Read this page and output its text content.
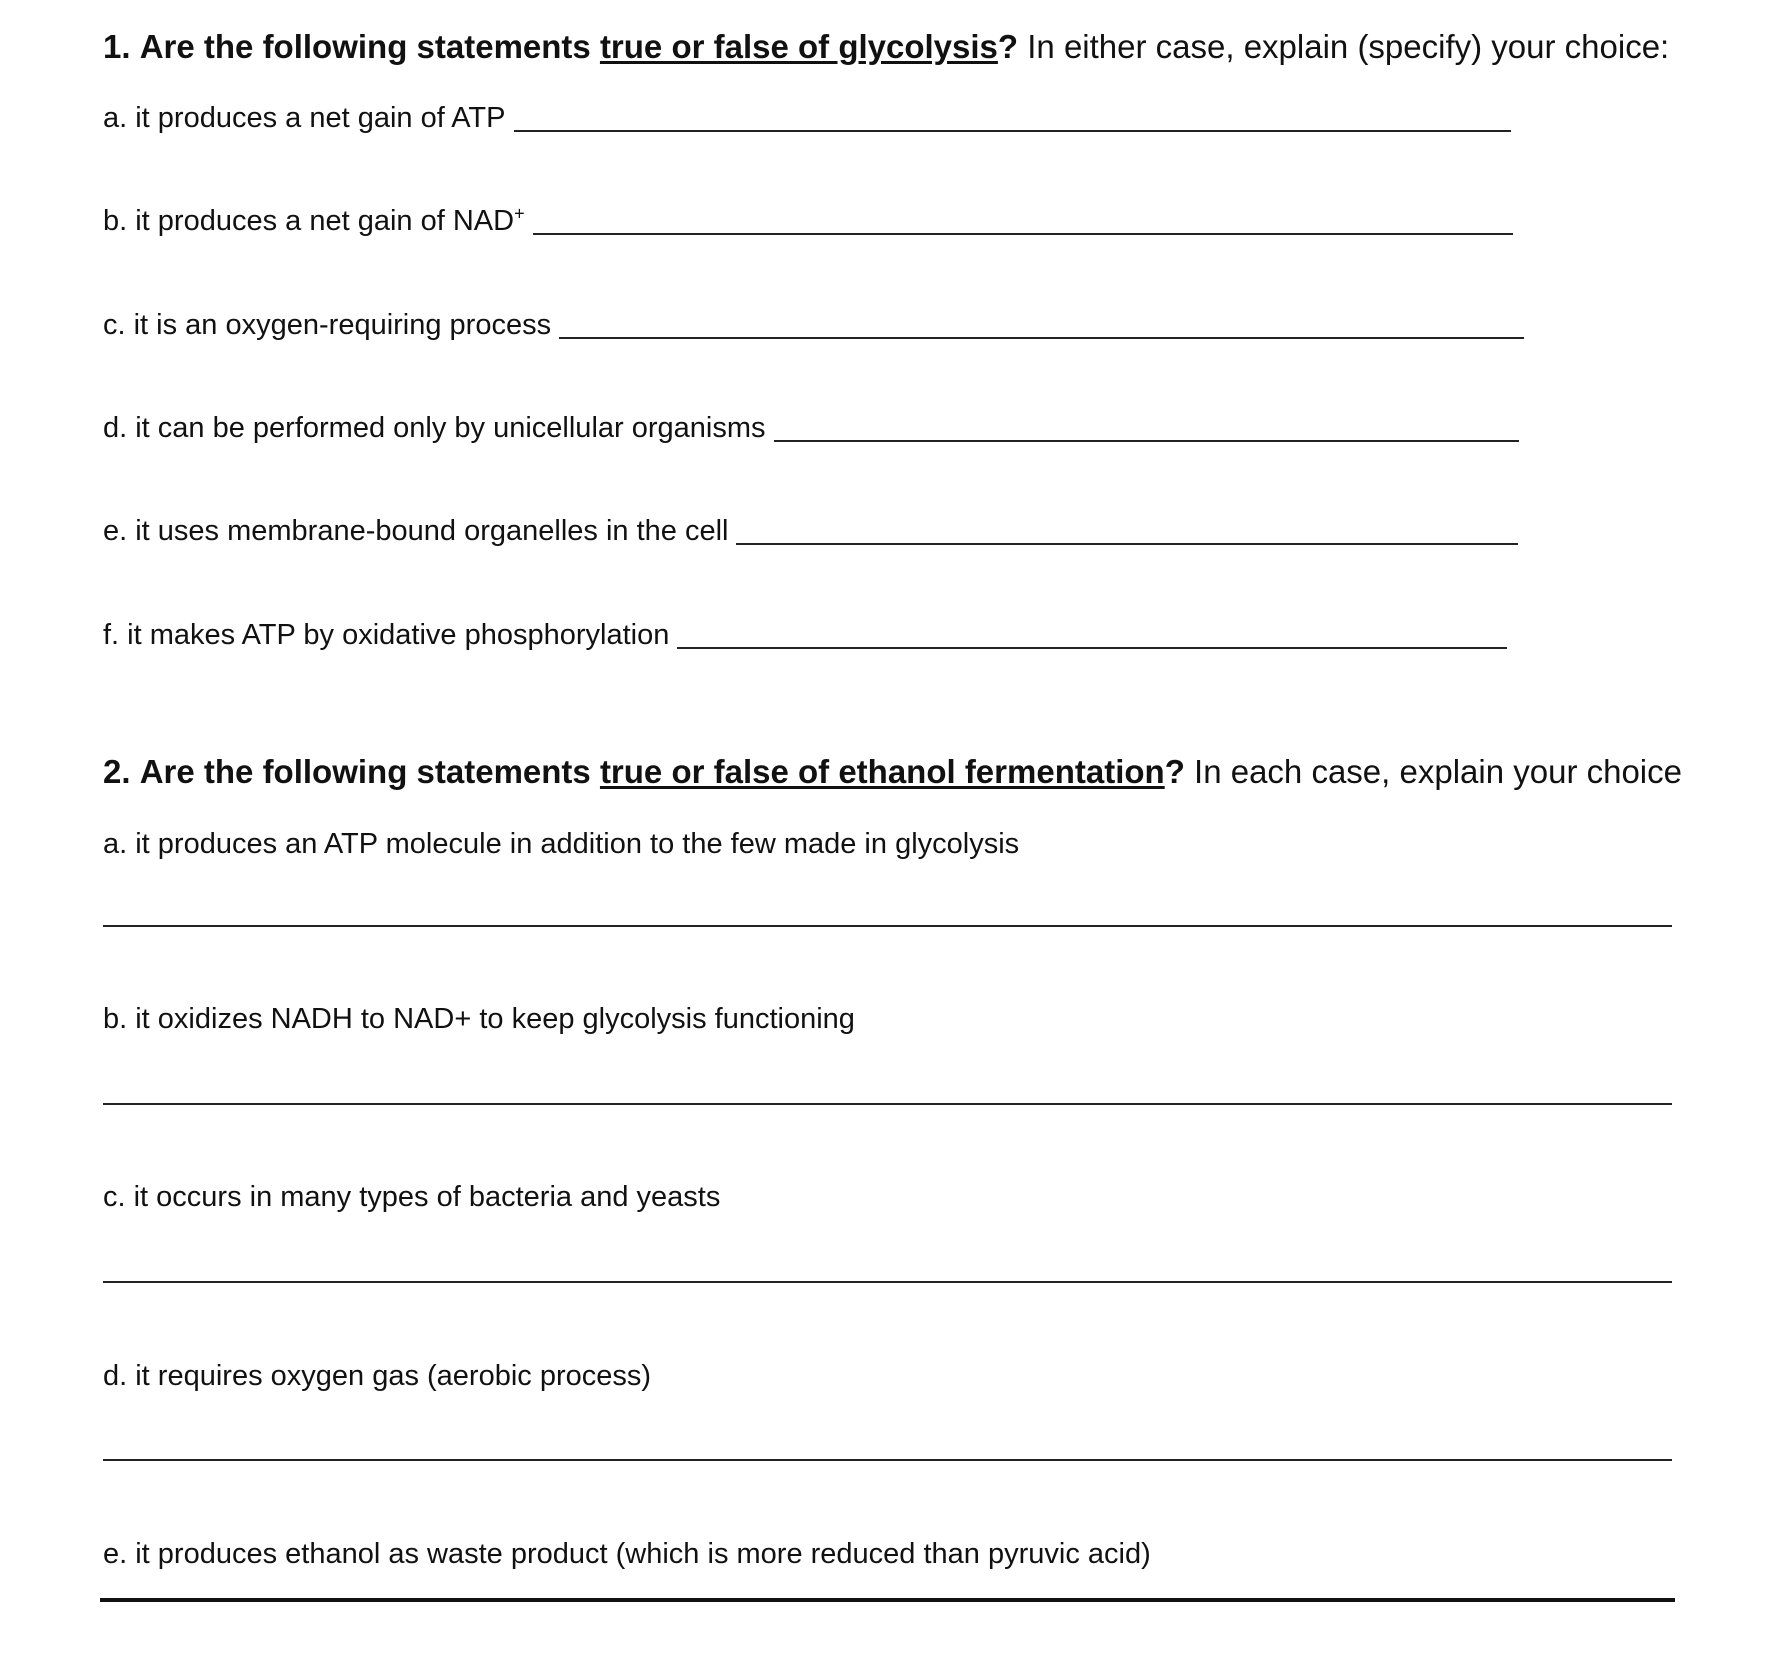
1. Are the following statements true or false of glycolysis? In either case, explain (specify) your choice:
a. it produces a net gain of ATP
b. it produces a net gain of NAD+
c. it is an oxygen-requiring process
d. it can be performed only by unicellular organisms
e. it uses membrane-bound organelles in the cell
f. it makes ATP by oxidative phosphorylation
2. Are the following statements true or false of ethanol fermentation? In each case, explain your choice
a. it produces an ATP molecule in addition to the few made in glycolysis
b. it oxidizes NADH to NAD+ to keep glycolysis functioning
c. it occurs in many types of bacteria and yeasts
d. it requires oxygen gas (aerobic process)
e. it produces ethanol as waste product (which is more reduced than pyruvic acid)
